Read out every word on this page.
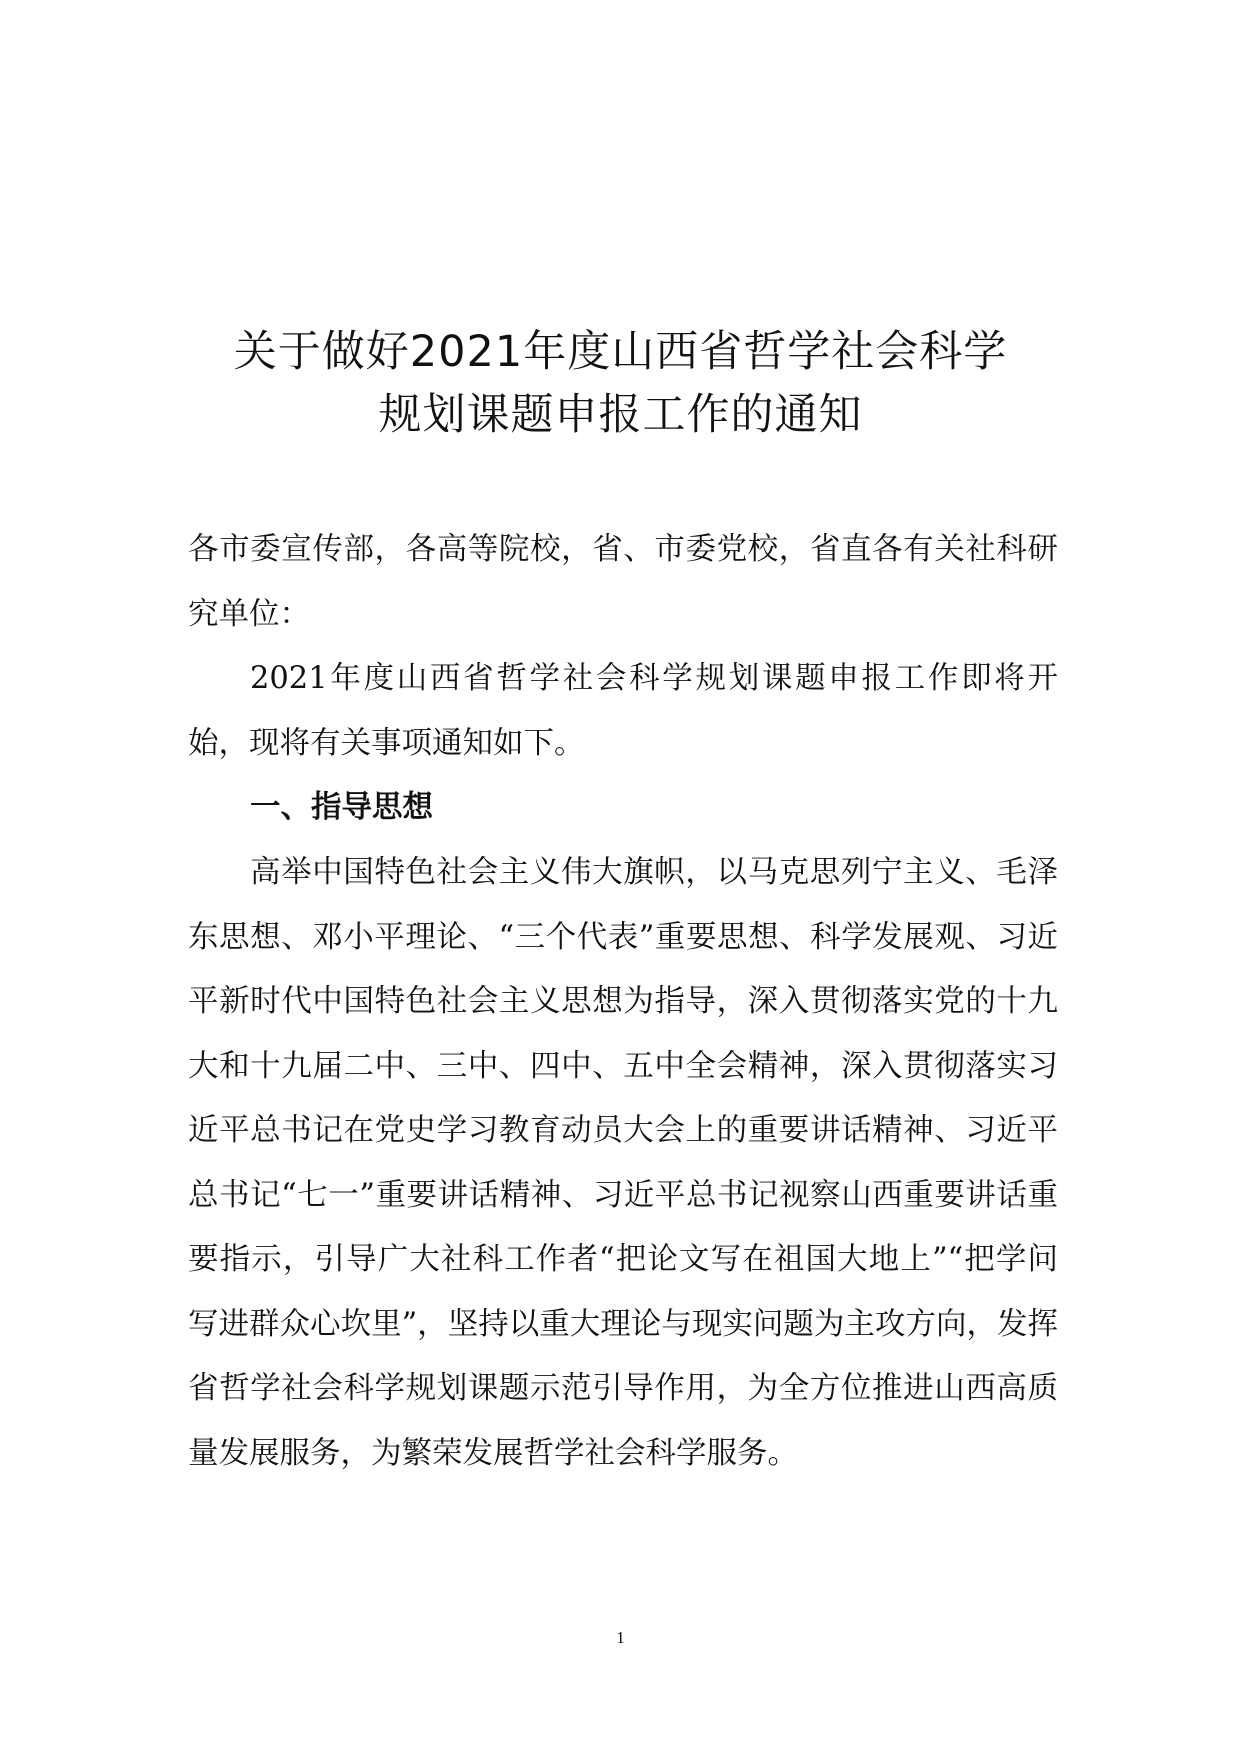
关于做好2021年度山西省哲学社会科学
规划课题申报工作的通知

各市委宣传部，各高等院校，省、市委党校，省直各有关社科研究单位：

2021年度山西省哲学社会科学规划课题申报工作即将开始，现将有关事项通知如下。

一、指导思想

高举中国特色社会主义伟大旗帜，以马克思列宁主义、毛泽东思想、邓小平理论、“三个代表”重要思想、科学发展观、习近平新时代中国特色社会主义思想为指导，深入贯彻落实党的十九大和十九届二中、三中、四中、五中全会精神，深入贯彻落实习近平总书记在党史学习教育动员大会上的重要讲话精神、习近平总书记“七一”重要讲话精神、习近平总书记视察山西重要讲话重要指示，引导广大社科工作者“把论文写在祖国大地上”“把学问写进群众心坎里”，坚持以重大理论与现实问题为主攻方向，发挥省哲学社会科学规划课题示范引导作用，为全方位推进山西高质量发展服务，为繁荣发展哲学社会科学服务。

1
